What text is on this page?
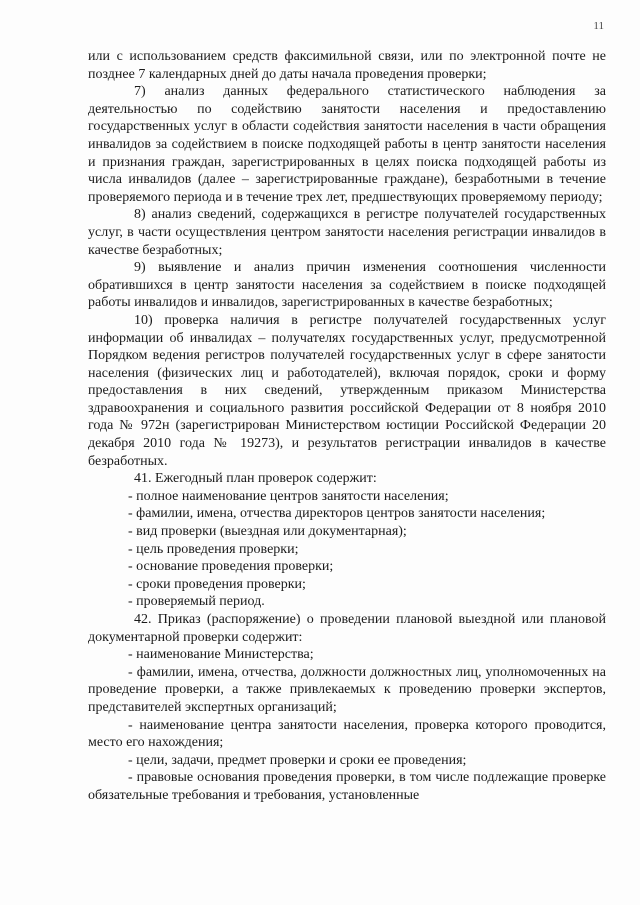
11

или с использованием средств факсимильной связи, или по электронной почте не позднее 7 календарных дней до даты начала проведения проверки;

7) анализ данных федерального статистического наблюдения за деятельностью по содействию занятости населения и предоставлению государственных услуг в области содействия занятости населения в части обращения инвалидов за содействием в поиске подходящей работы в центр занятости населения и признания граждан, зарегистрированных в целях поиска подходящей работы из числа инвалидов (далее – зарегистрированные граждане), безработными в течение проверяемого периода и в течение трех лет, предшествующих проверяемому периоду;

8) анализ сведений, содержащихся в регистре получателей государственных услуг, в части осуществления центром занятости населения регистрации инвалидов в качестве безработных;

9) выявление и анализ причин изменения соотношения численности обратившихся в центр занятости населения за содействием в поиске подходящей работы инвалидов и инвалидов, зарегистрированных в качестве безработных;

10) проверка наличия в регистре получателей государственных услуг информации об инвалидах – получателях государственных услуг, предусмотренной Порядком ведения регистров получателей государственных услуг в сфере занятости населения (физических лиц и работодателей), включая порядок, сроки и форму предоставления в них сведений, утвержденным приказом Министерства здравоохранения и социального развития российской Федерации от 8 ноября 2010 года № 972н (зарегистрирован Министерством юстиции Российской Федерации 20 декабря 2010 года № 19273), и результатов регистрации инвалидов в качестве безработных.

41. Ежегодный план проверок содержит:

- полное наименование центров занятости населения;

- фамилии, имена, отчества директоров центров занятости населения;

- вид проверки (выездная или документарная);

- цель проведения проверки;

- основание проведения проверки;

- сроки проведения проверки;

- проверяемый период.

42. Приказ (распоряжение) о проведении плановой выездной или плановой документарной проверки содержит:

- наименование Министерства;

- фамилии, имена, отчества, должности должностных лиц, уполномоченных на проведение проверки, а также привлекаемых к проведению проверки экспертов, представителей экспертных организаций;

- наименование центра занятости населения, проверка которого проводится, место его нахождения;

- цели, задачи, предмет проверки и сроки ее проведения;

- правовые основания проведения проверки, в том числе подлежащие проверке обязательные требования и требования, установленные
